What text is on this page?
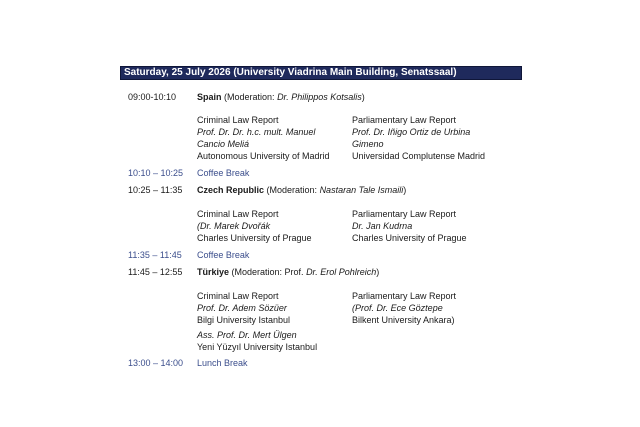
Saturday, 25 July 2026 (University Viadrina Main Building, Senatssaal)
09:00-10:10 Spain (Moderation: Dr. Philippos Kotsalis)
Criminal Law Report
Prof. Dr. Dr. h.c. mult. Manuel
Cancio Meliá
Autonomous University of Madrid
Parliamentary Law Report
Prof. Dr. Iñigo Ortiz de Urbina
Gimeno
Universidad Complutense Madrid
10:10 – 10:25 Coffee Break
10:25 – 11:35 Czech Republic (Moderation: Nastaran Tale Ismaili)
Criminal Law Report
(Dr. Marek Dvořák
Charles University of Prague
Parliamentary Law Report
Dr. Jan Kudrna
Charles University of Prague
11:35 – 11:45 Coffee Break
11:45 – 12:55 Türkiye (Moderation: Prof. Dr. Erol Pohlreich)
Criminal Law Report
Prof. Dr. Adem Sözüer
Bilgi University Istanbul
Ass. Prof. Dr. Mert Ülgen
Yeni Yüzyıl University Istanbul
Parliamentary Law Report
(Prof. Dr. Ece Göztepe
Bilkent University Ankara)
13:00 – 14:00 Lunch Break
